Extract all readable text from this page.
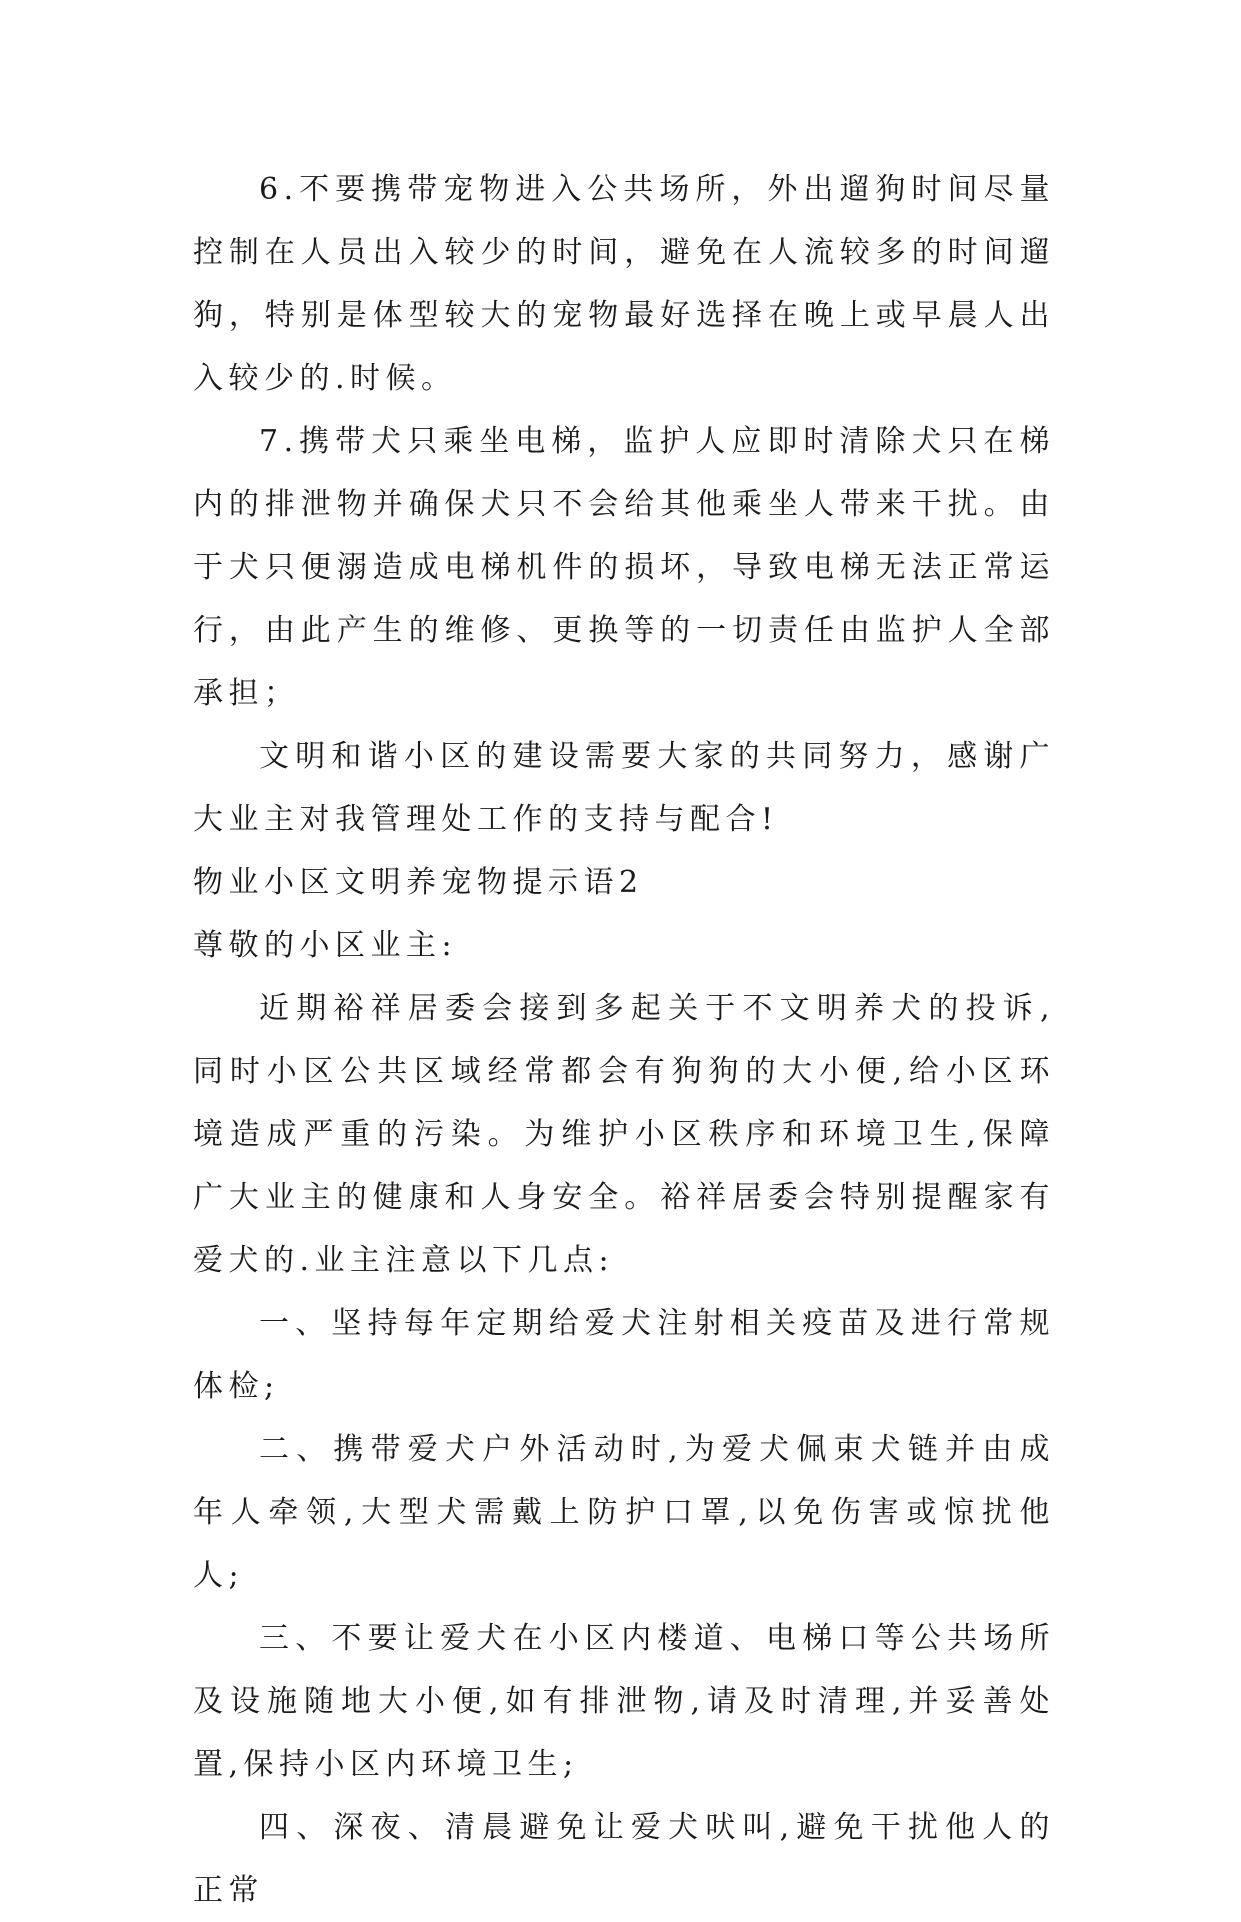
6.不要携带宠物进入公共场所，外出遛狗时间尽量控制在人员出入较少的时间，避免在人流较多的时间遛狗，特别是体型较大的宠物最好选择在晚上或早晨人出入较少的.时候。

7.携带犬只乘坐电梯，监护人应即时清除犬只在梯内的排泄物并确保犬只不会给其他乘坐人带来干扰。由于犬只便溺造成电梯机件的损坏，导致电梯无法正常运行，由此产生的维修、更换等的一切责任由监护人全部承担；

文明和谐小区的建设需要大家的共同努力，感谢广大业主对我管理处工作的支持与配合!

物业小区文明养宠物提示语2

尊敬的小区业主:

近期裕祥居委会接到多起关于不文明养犬的投诉,同时小区公共区域经常都会有狗狗的大小便,给小区环境造成严重的污染。为维护小区秩序和环境卫生,保障广大业主的健康和人身安全。裕祥居委会特别提醒家有爱犬的.业主注意以下几点:

一、坚持每年定期给爱犬注射相关疫苗及进行常规体检;

二、携带爱犬户外活动时,为爱犬佩束犬链并由成年人牵领,大型犬需戴上防护口罩,以免伤害或惊扰他人;

三、不要让爱犬在小区内楼道、电梯口等公共场所及设施随地大小便,如有排泄物,请及时清理,并妥善处置,保持小区内环境卫生;

四、深夜、清晨避免让爱犬吠叫,避免干扰他人的正常
